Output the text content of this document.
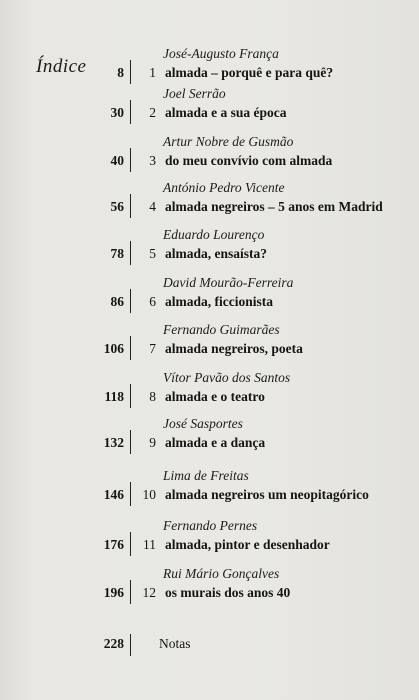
Índice
José-Augusto França
8 1 almada – porquê e para quê?
Joel Serrão
30 2 almada e a sua época
Artur Nobre de Gusmão
40 3 do meu convívio com almada
António Pedro Vicente
56 4 almada negreiros – 5 anos em Madrid
Eduardo Lourenço
78 5 almada, ensaísta?
David Mourão-Ferreira
86 6 almada, ficcionista
Fernando Guimarães
106 7 almada negreiros, poeta
Vítor Pavão dos Santos
118 8 almada e o teatro
José Sasportes
132 9 almada e a dança
Lima de Freitas
146 10 almada negreiros um neopitagórico
Fernando Pernes
176 11 almada, pintor e desenhador
Rui Mário Gonçalves
196 12 os murais dos anos 40
228	Notas
